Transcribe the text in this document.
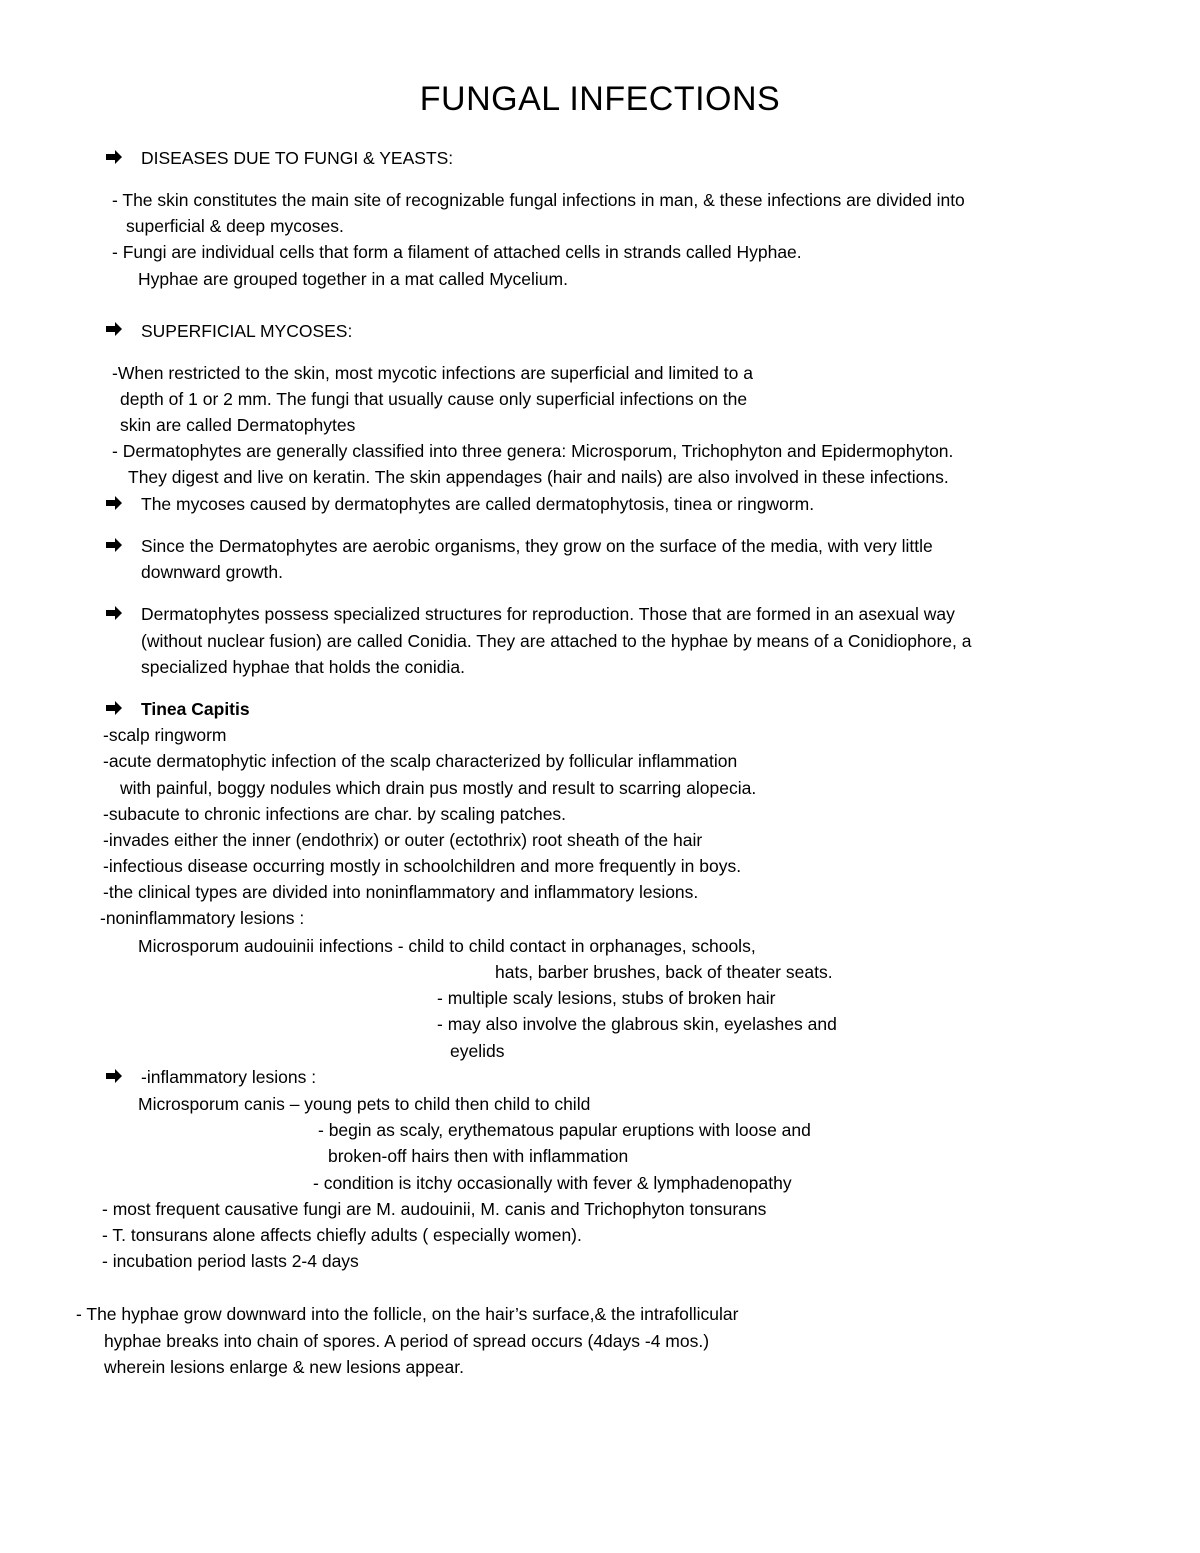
FUNGAL INFECTIONS
DISEASES DUE TO FUNGI & YEASTS:
- The skin constitutes the main site of recognizable fungal infections in man, & these infections are divided into
superficial & deep mycoses.
- Fungi are individual cells that form a filament of attached cells in strands called Hyphae.
Hyphae are grouped together in a mat called Mycelium.
SUPERFICIAL MYCOSES:
-When restricted to the skin, most mycotic infections are superficial and limited to a
depth of 1 or 2 mm. The fungi that usually cause only superficial infections on the
skin are called Dermatophytes
- Dermatophytes are generally classified into three genera: Microsporum, Trichophyton and Epidermophyton.
They digest and live on keratin. The skin appendages (hair and nails) are also involved in these infections.
The mycoses caused by dermatophytes are called dermatophytosis, tinea or ringworm.
Since the Dermatophytes are aerobic organisms, they grow on the surface of the media, with very little
downward growth.
Dermatophytes possess specialized structures for reproduction. Those that are formed in an asexual way
(without nuclear fusion) are called Conidia. They are attached to the hyphae by means of a Conidiophore, a
specialized hyphae that holds the conidia.
Tinea Capitis
-scalp ringworm
-acute dermatophytic infection of the scalp characterized by follicular inflammation
with painful, boggy nodules which drain pus mostly and result to scarring alopecia.
-subacute to chronic infections are char. by scaling patches.
-invades either the inner (endothrix) or outer (ectothrix) root sheath of the hair
-infectious disease occurring mostly in schoolchildren and more frequently in boys.
-the clinical types are divided into noninflammatory and inflammatory lesions.
-noninflammatory lesions :
Microsporum audouinii infections - child to child contact in orphanages, schools,
hats, barber brushes, back of theater seats.
- multiple scaly lesions, stubs of broken hair
- may also involve the glabrous skin, eyelashes and
eyelids
-inflammatory lesions :
Microsporum canis – young pets to child then child to child
- begin as scaly, erythematous papular eruptions with loose and
broken-off hairs then with inflammation
- condition is itchy occasionally with fever & lymphadenopathy
- most frequent causative fungi are M. audouinii, M. canis and Trichophyton tonsurans
- T. tonsurans alone affects chiefly adults ( especially women).
- incubation period lasts 2-4 days
- The hyphae grow downward into the follicle, on the hair’s surface,& the intrafollicular
hyphae breaks into chain of spores. A period of spread occurs (4days -4 mos.)
wherein lesions enlarge & new lesions appear.
